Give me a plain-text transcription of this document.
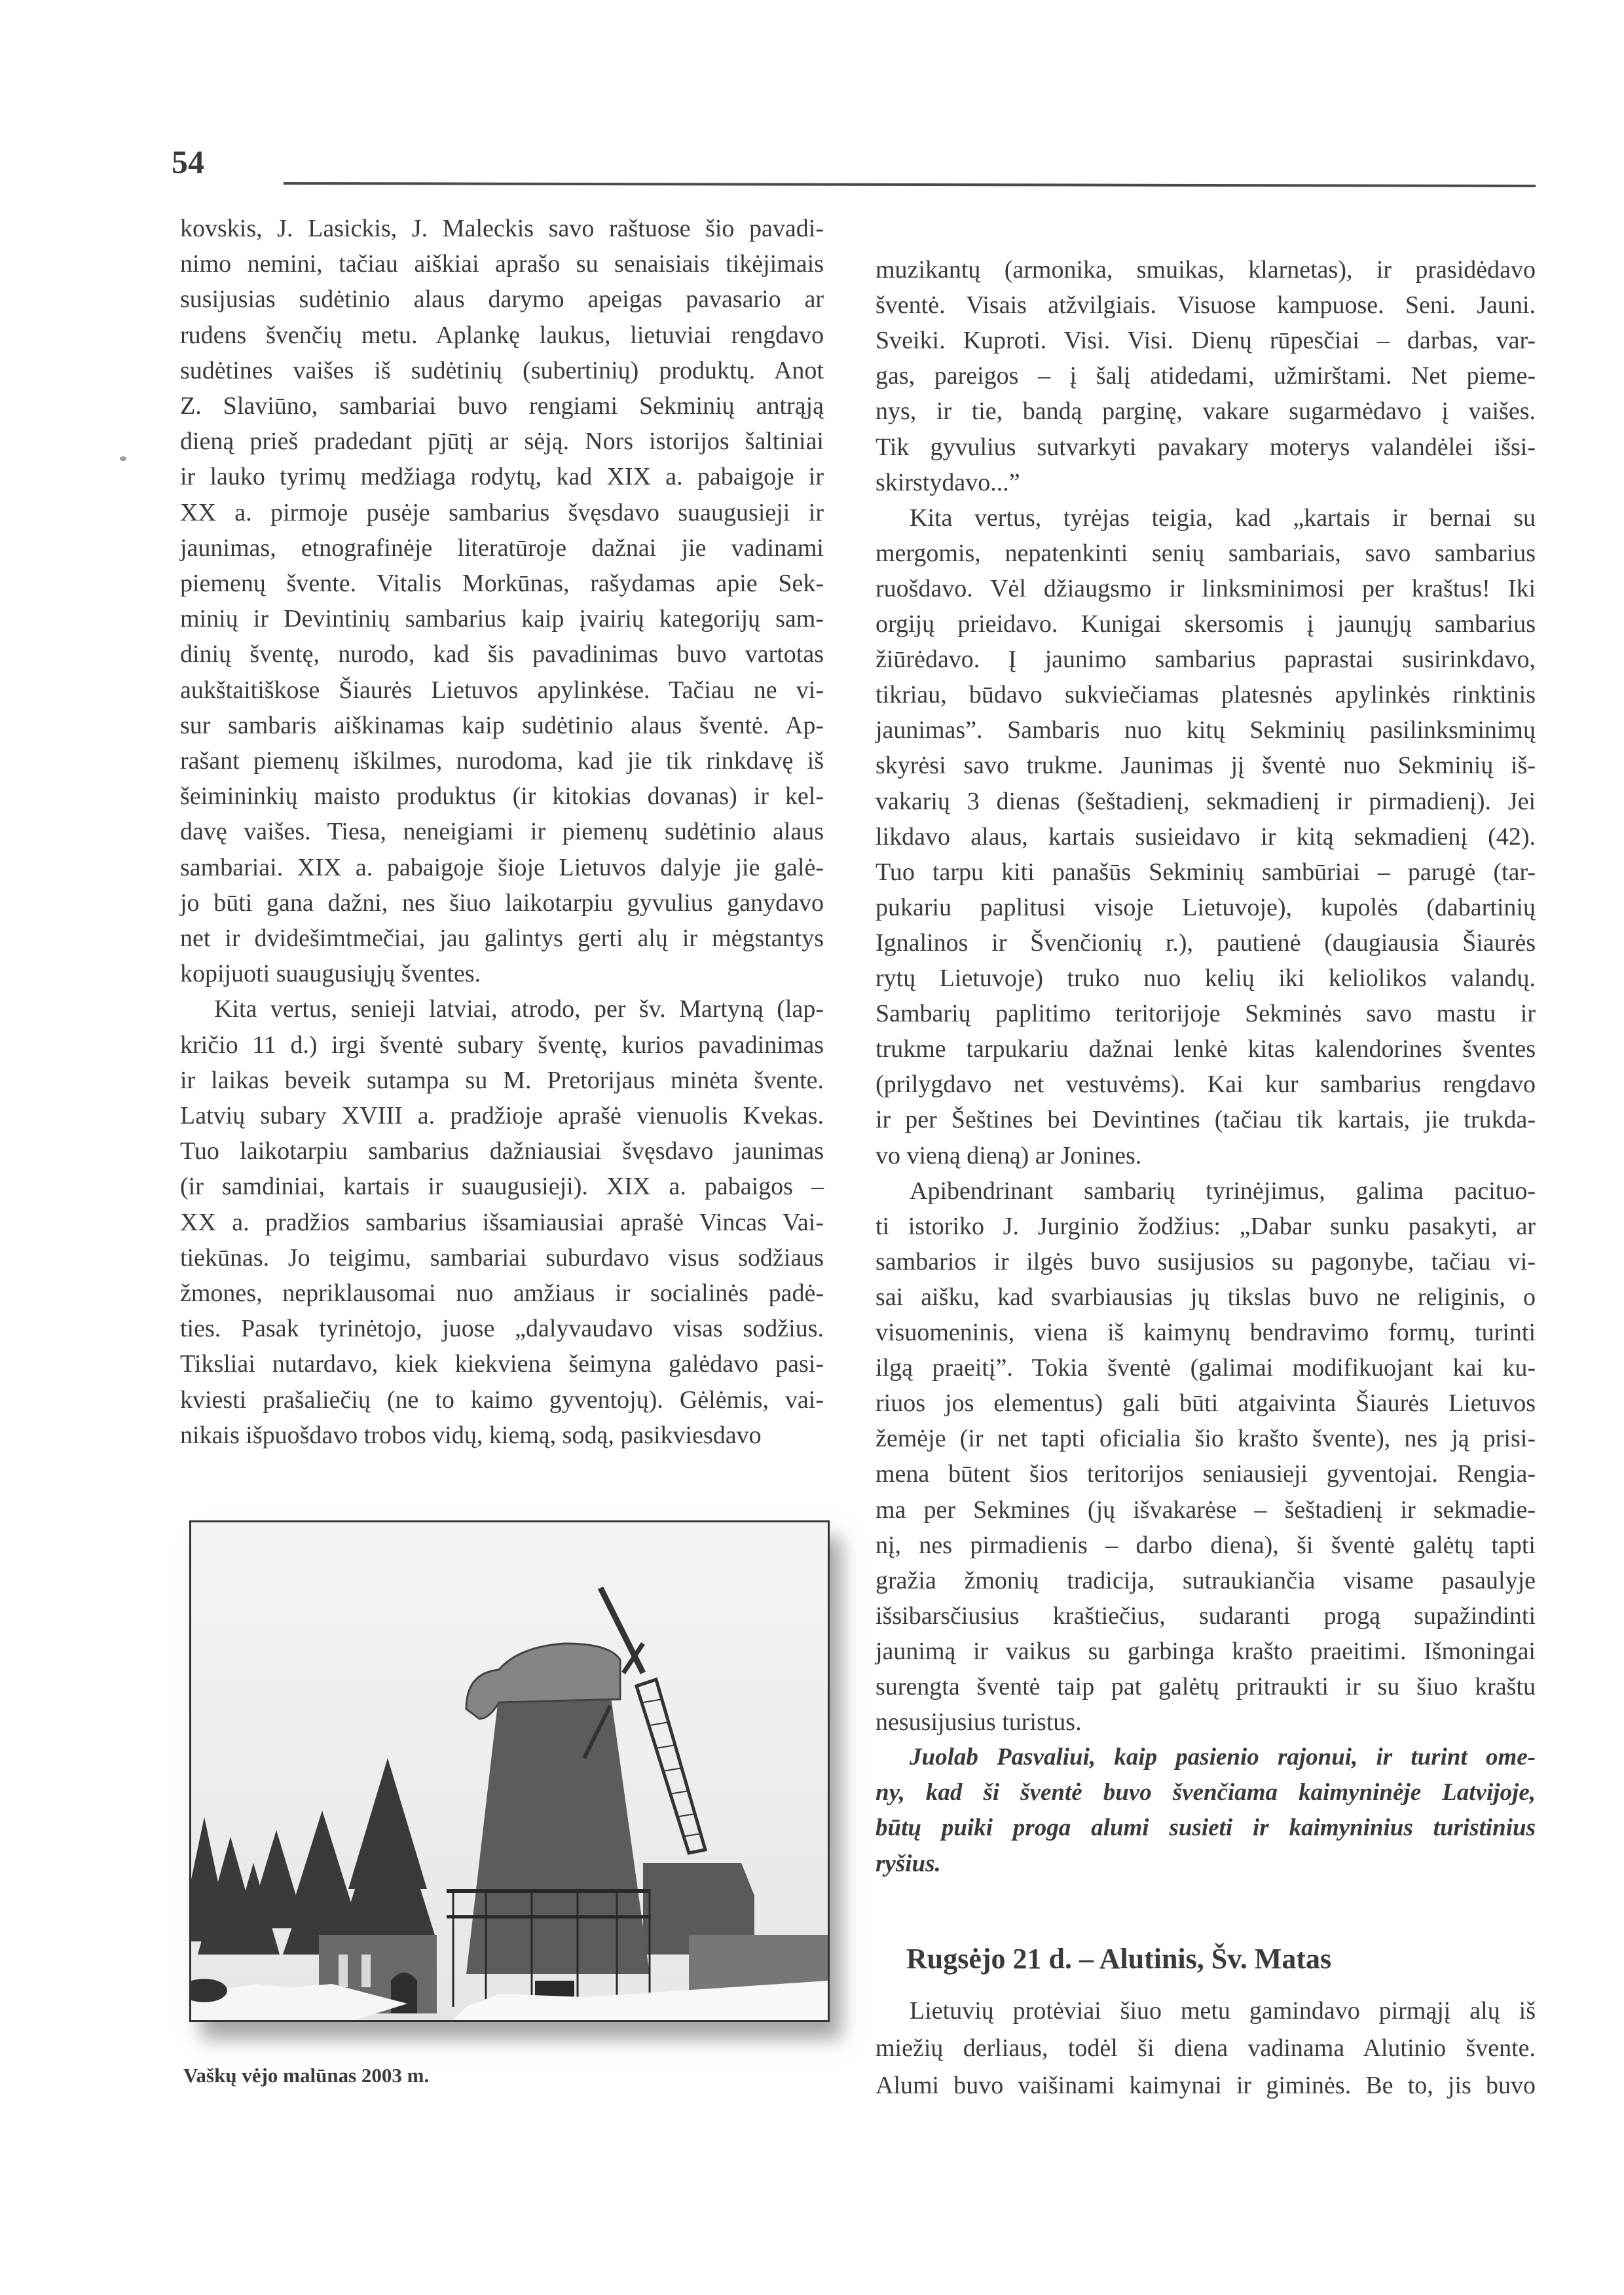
54
kovskis, J. Lasickis, J. Maleckis savo raštuose šio pavadi-
nimo nemini, tačiau aiškiai aprašo su senaisiais tikėjimais
susijusias sudėtinio alaus darymo apeigas pavasario ar
rudens švenčių metu. Aplankę laukus, lietuviai rengdavo
sudėtines vaišes iš sudėtinių (subertinių) produktų. Anot
Z. Slaviūno, sambariai buvo rengiami Sekminių antrąją
dieną prieš pradedant pjūtį ar sėją. Nors istorijos šaltiniai
ir lauko tyrimų medžiaga rodytų, kad XIX a. pabaigoje ir
XX a. pirmoje pusėje sambarius švęsdavo suaugusieji ir
jaunimas, etnografinėje literatūroje dažnai jie vadinami
piemenų švente. Vitalis Morkūnas, rašydamas apie Sek-
minių ir Devintinių sambarius kaip įvairių kategorijų sam-
dinių šventę, nurodo, kad šis pavadinimas buvo vartotas
aukštaitiškose Šiaurės Lietuvos apylinkėse. Tačiau ne vi-
sur sambaris aiškinamas kaip sudėtinio alaus šventė. Ap-
rašant piemenų iškilmes, nurodoma, kad jie tik rinkdavę iš
šeimininkių maisto produktus (ir kitokias dovanas) ir kel-
davę vaišes. Tiesa, neneigiami ir piemenų sudėtinio alaus
sambariai. XIX a. pabaigoje šioje Lietuvos dalyje jie galė-
jo būti gana dažni, nes šiuo laikotarpiu gyvulius ganydavo
net ir dvidešimtmečiai, jau galintys gerti alų ir mėgstantys
kopijuoti suaugusiųjų šventes.
Kita vertus, senieji latviai, atrodo, per šv. Martyną (lap-
kričio 11 d.) irgi šventė subary šventę, kurios pavadinimas
ir laikas beveik sutampa su M. Pretorijaus minėta švente.
Latvių subary XVIII a. pradžioje aprašė vienuolis Kvekas.
Tuo laikotarpiu sambarius dažniausiai švęsdavo jaunimas
(ir samdiniai, kartais ir suaugusieji). XIX a. pabaigos –
XX a. pradžios sambarius išsamiausiai aprašė Vincas Vai-
tiekūnas. Jo teigimu, sambariai suburdavo visus sodžiaus
žmones, nepriklausomai nuo amžiaus ir socialinės padė-
ties. Pasak tyrinėtojo, juose „dalyvaudavo visas sodžius.
Tiksliai nutardavo, kiek kiekviena šeimyna galėdavo pasi-
kviesti prašaliečių (ne to kaimo gyventojų). Gėlėmis, vai-
nikais išpuošdavo trobos vidų, kiemą, sodą, pasikviesdavo
muzikantų (armonika, smuikas, klarnetas), ir prasidėdavo
šventė. Visais atžvilgiais. Visuose kampuose. Seni. Jauni.
Sveiki. Kuproti. Visi. Visi. Dienų rūpesčiai – darbas, var-
gas, pareigos – į šalį atidedami, užmirštami. Net pieme-
nys, ir tie, bandą parginę, vakare sugarmėdavo į vaišes.
Tik gyvulius sutvarkyti pavakary moterys valandėlei išsi-
skirstydavo...”
Kita vertus, tyrėjas teigia, kad „kartais ir bernai su
mergomis, nepatenkinti senių sambariais, savo sambarius
ruošdavo. Vėl džiaugsmo ir linksminimosi per kraštus! Iki
orgijų prieidavo. Kunigai skersomis į jaunųjų sambarius
žiūrėdavo. Į jaunimo sambarius paprastai susirinkdavo,
tikriau, būdavo sukviečiamas platesnės apylinkės rinktinis
jaunimas”. Sambaris nuo kitų Sekminių pasilinksminimų
skyrėsi savo trukme. Jaunimas jį šventė nuo Sekminių iš-
vakarių 3 dienas (šeštadienį, sekmadienį ir pirmadienį). Jei
likdavo alaus, kartais susieidavo ir kitą sekmadienį (42).
Tuo tarpu kiti panašūs Sekminių sambūriai – parugė (tar-
pukariu paplitusi visoje Lietuvoje), kupolės (dabartinių
Ignalinos ir Švenčionių r.), pautienė (daugiausia Šiaurės
rytų Lietuvoje) truko nuo kelių iki keliolikos valandų.
Sambarių paplitimo teritorijoje Sekminės savo mastu ir
trukme tarpukariu dažnai lenkė kitas kalendorines šventes
(prilygdavo net vestuvėms). Kai kur sambarius rengdavo
ir per Šeštines bei Devintines (tačiau tik kartais, jie trukda-
vo vieną dieną) ar Jonines.
Apibendrinant sambarių tyrinėjimus, galima pacituo-
ti istoriko J. Jurginio žodžius: „Dabar sunku pasakyti, ar
sambarios ir ilgės buvo susijusios su pagonybe, tačiau vi-
sai aišku, kad svarbiausias jų tikslas buvo ne religinis, o
visuomeninis, viena iš kaimynų bendravimo formų, turinti
ilgą praeitį”. Tokia šventė (galimai modifikuojant kai ku-
riuos jos elementus) gali būti atgaivinta Šiaurės Lietuvos
žemėje (ir net tapti oficialia šio krašto švente), nes ją prisi-
mena būtent šios teritorijos seniausieji gyventojai. Rengia-
ma per Sekmines (jų išvakarėse – šeštadienį ir sekmadie-
nį, nes pirmadienis – darbo diena), ši šventė galėtų tapti
gražia žmonių tradicija, sutraukiančia visame pasaulyje
išsibarsčiusius kraštiečius, sudaranti progą supažindinti
jaunimą ir vaikus su garbinga krašto praeitimi. Išmoningai
surengta šventė taip pat galėtų pritraukti ir su šiuo kraštu
nesusijusius turistus.
Juolab Pasvaliui, kaip pasienio rajonui, ir turint ome-
ny, kad ši šventė buvo švenčiama kaimyninėje Latvijoje,
būtų puiki proga alumi susieti ir kaimyninius turistinius
ryšius.
Vaškų vėjo malūnas 2003 m.
Rugsėjo 21 d. – Alutinis, Šv. Matas
Lietuvių protėviai šiuo metu gamindavo pirmąjį alų iš
miežių derliaus, todėl ši diena vadinama Alutinio švente.
Alumi buvo vaišinami kaimynai ir giminės. Be to, jis buvo
